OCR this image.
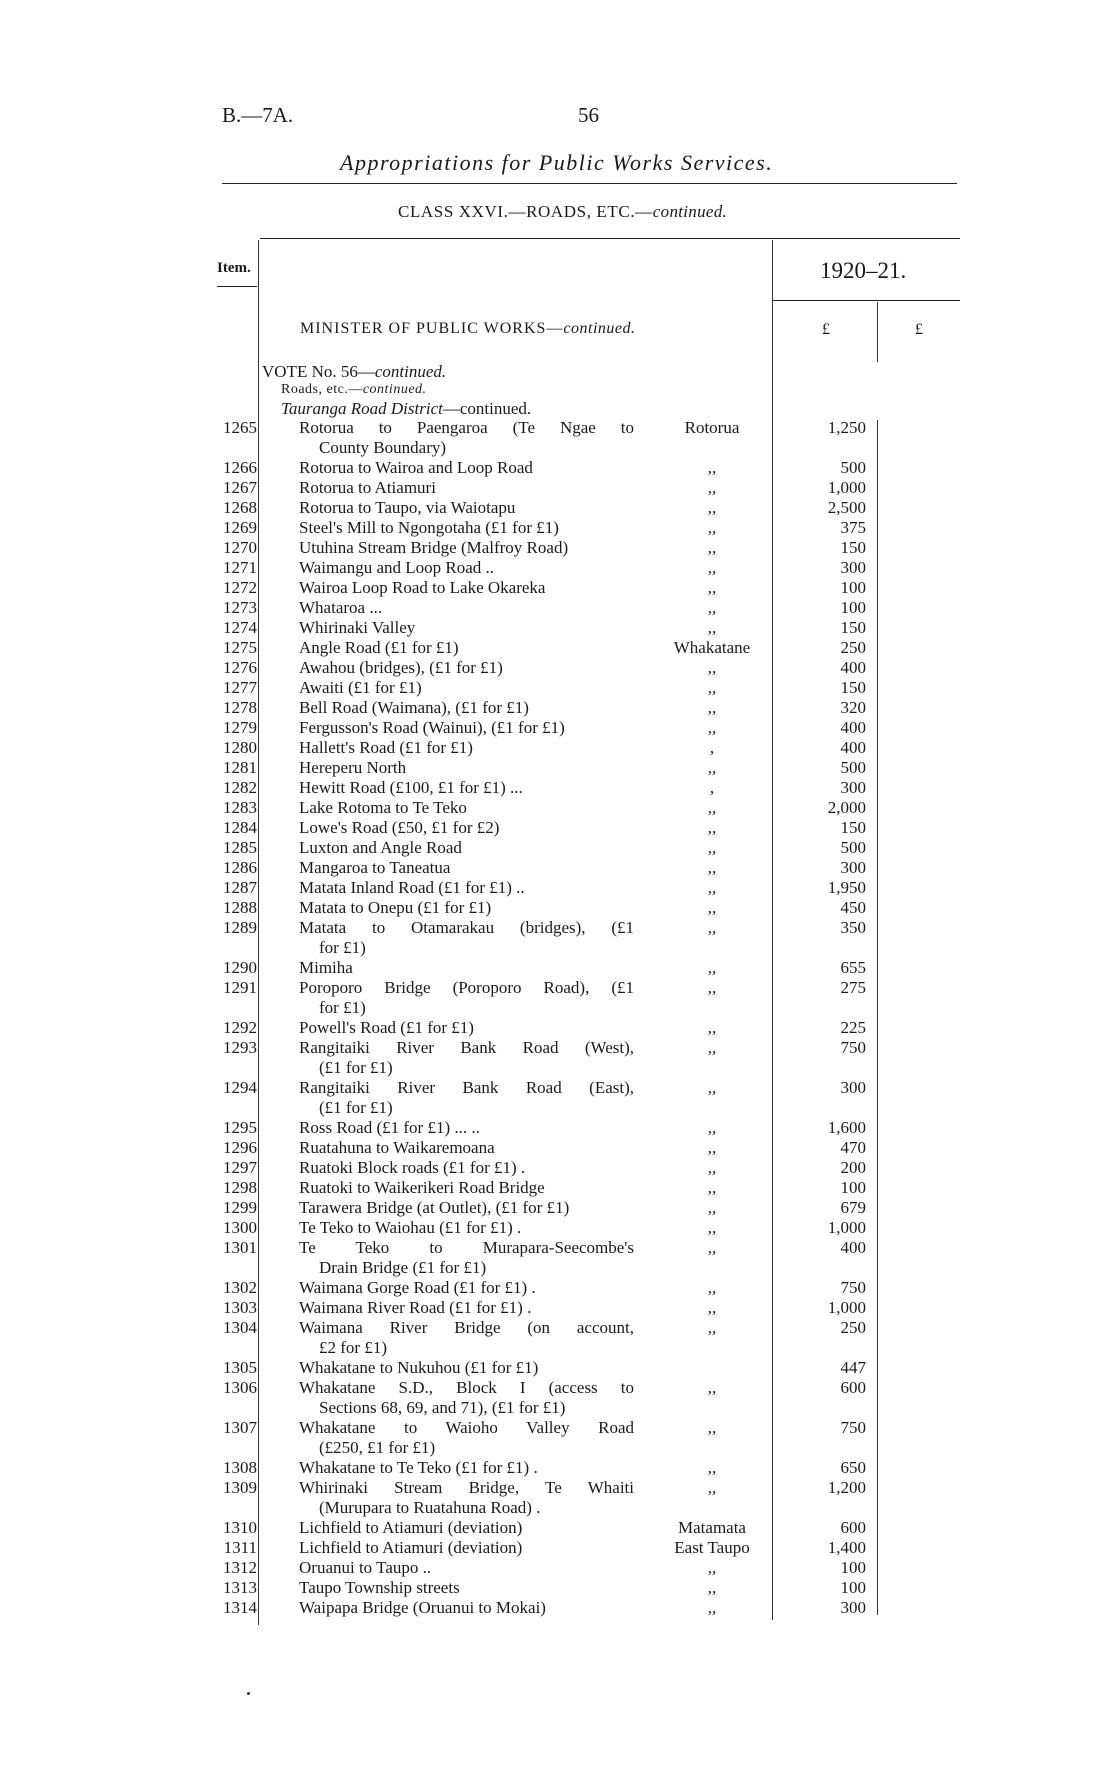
B.—7A.	56
Appropriations for Public Works Services.
CLASS XXVI.—ROADS, ETC.—continued.
Item.	1920–21.
MINISTER OF PUBLIC WORKS—continued.	£	£
VOTE No. 56—continued.
Roads, etc.—continued.
Tauranga Road District—continued.
1265 Rotorua to Paengaroa (Te Ngae to
County Boundary)
Rotorua	1,250
1266 Rotorua to Wairoa and Loop Road	,,	500
1267 Rotorua to Atiamuri	,,	1,000
1268 Rotorua to Taupo, via Waiotapu	,,	2,500
1269 Steel's Mill to Ngongotaha (£1 for £1)	,,	375
1270 Utuhina Stream Bridge (Malfroy Road)	,,	150
1271 Waimangu and Loop Road ..	,,	300
1272 Wairoa Loop Road to Lake Okareka	,,	100
1273 Whataroa ...	,,	100
1274 Whirinaki Valley	,,	150
1275 Angle Road (£1 for £1)	Whakatane	250
1276 Awahou (bridges), (£1 for £1)	,,	400
1277 Awaiti (£1 for £1)	,,	150
1278 Bell Road (Waimana), (£1 for £1)	,,	320
1279 Fergusson's Road (Wainui), (£1 for £1)	,,	400
1280 Hallett's Road (£1 for £1)	,	400
1281 Hereperu North	,,	500
1282 Hewitt Road (£100, £1 for £1) ...	,	300
1283 Lake Rotoma to Te Teko	,,	2,000
1284 Lowe's Road (£50, £1 for £2)	,,	150
1285 Luxton and Angle Road	,,	500
1286 Mangaroa to Taneatua	,,	300
1287 Matata Inland Road (£1 for £1) ..	,,	1,950
1288 Matata to Onepu (£1 for £1)	,,	450
1289 Matata to Otamarakau (bridges), (£1
for £1)
,,	350
1290 Mimiha	,,	655
1291 Poroporo Bridge (Poroporo Road), (£1
for £1)
,,	275
1292 Powell's Road (£1 for £1)	,,	225
1293 Rangitaiki River Bank Road (West),
(£1 for £1)
,,	750
1294 Rangitaiki River Bank Road (East),
(£1 for £1)
,,	300
1295 Ross Road (£1 for £1) ... ..	,,	1,600
1296 Ruatahuna to Waikaremoana	,,	470
1297 Ruatoki Block roads (£1 for £1) .	,,	200
1298 Ruatoki to Waikerikeri Road Bridge	,,	100
1299 Tarawera Bridge (at Outlet), (£1 for £1)	,,	679
1300 Te Teko to Waiohau (£1 for £1) .	,,	1,000
1301 Te Teko to Murapara-Seecombe's
Drain Bridge (£1 for £1)
,,	400
1302 Waimana Gorge Road (£1 for £1) .	,,	750
1303 Waimana River Road (£1 for £1) .	,,	1,000
1304 Waimana River Bridge (on account,
£2 for £1)
,,	250
1305 Whakatane to Nukuhou (£1 for £1)	447
1306 Whakatane S.D., Block I (access to
Sections 68, 69, and 71), (£1 for £1)
,,	600
1307 Whakatane to Waioho Valley Road
(£250, £1 for £1)
,,	750
1308 Whakatane to Te Teko (£1 for £1) .	,,	650
1309 Whirinaki Stream Bridge, Te Whaiti
(Murupara to Ruatahuna Road) .
,,	1,200
1310 Lichfield to Atiamuri (deviation)	Matamata	600
1311 Lichfield to Atiamuri (deviation)	East Taupo	1,400
1312 Oruanui to Taupo ..	,,	100
1313 Taupo Township streets	,,	100
1314 Waipapa Bridge (Oruanui to Mokai)	,,	300
